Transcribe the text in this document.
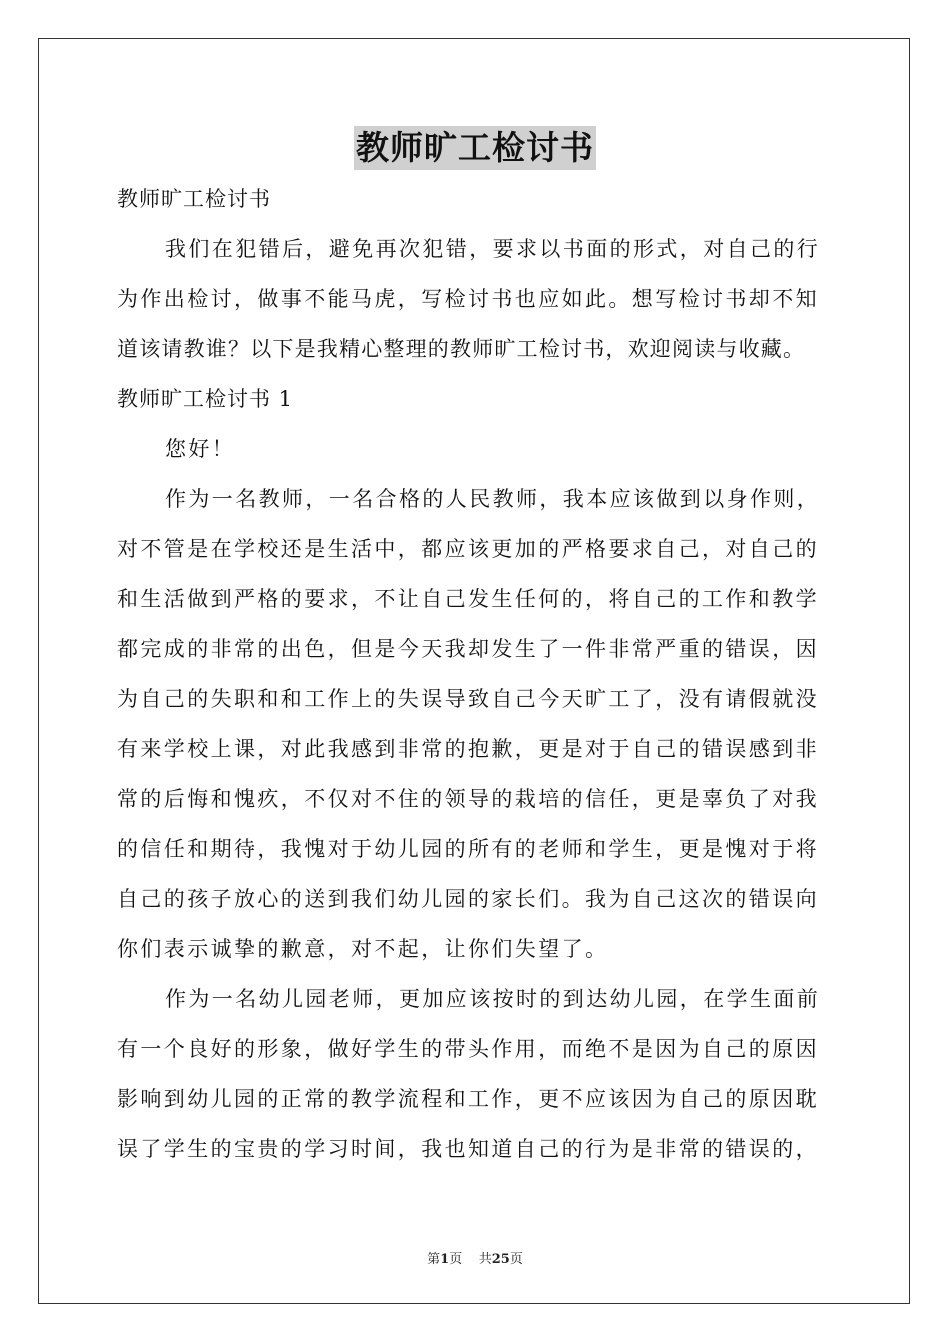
教师旷工检讨书
教师旷工检讨书
我们在犯错后，避免再次犯错，要求以书面的形式，对自己的行
为作出检讨，做事不能马虎，写检讨书也应如此。想写检讨书却不知
道该请教谁？以下是我精心整理的教师旷工检讨书，欢迎阅读与收藏。
教师旷工检讨书 1
您好！
作为一名教师，一名合格的人民教师，我本应该做到以身作则，
对不管是在学校还是生活中，都应该更加的严格要求自己，对自己的
和生活做到严格的要求，不让自己发生任何的，将自己的工作和教学
都完成的非常的出色，但是今天我却发生了一件非常严重的错误，因
为自己的失职和和工作上的失误导致自己今天旷工了，没有请假就没
有来学校上课，对此我感到非常的抱歉，更是对于自己的错误感到非
常的后悔和愧疚，不仅对不住的领导的栽培的信任，更是辜负了对我
的信任和期待，我愧对于幼儿园的所有的老师和学生，更是愧对于将
自己的孩子放心的送到我们幼儿园的家长们。我为自己这次的错误向
你们表示诚挚的歉意，对不起，让你们失望了。
作为一名幼儿园老师，更加应该按时的到达幼儿园，在学生面前
有一个良好的形象，做好学生的带头作用，而绝不是因为自己的原因
影响到幼儿园的正常的教学流程和工作，更不应该因为自己的原因耽
误了学生的宝贵的学习时间，我也知道自己的行为是非常的错误的，
第1页 共25页
